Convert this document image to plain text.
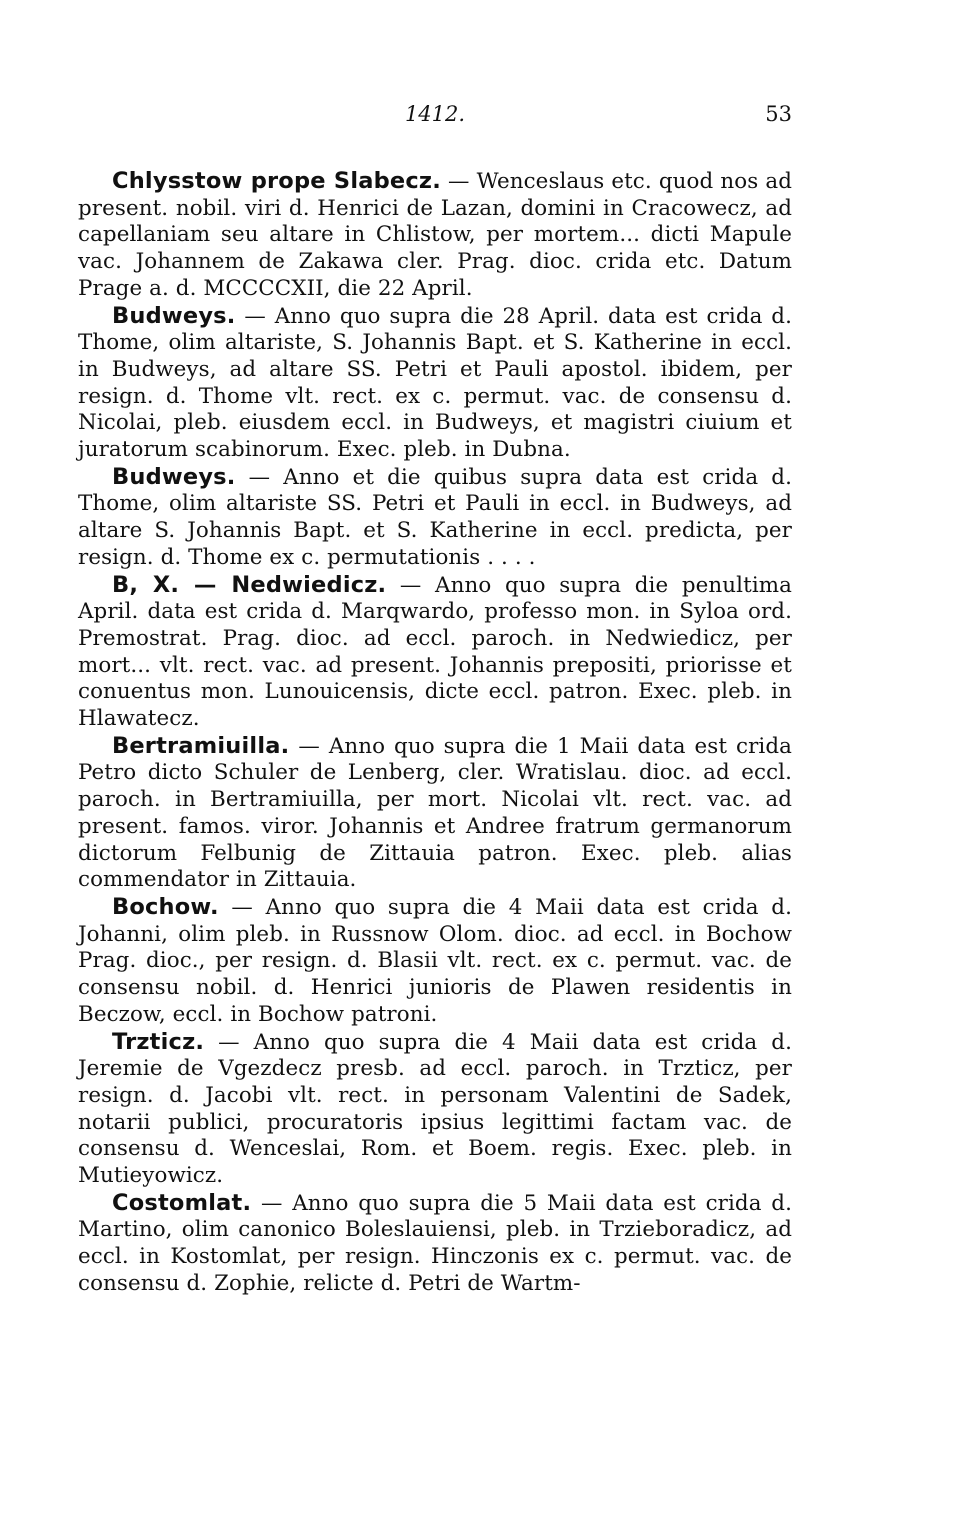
1412.	53

Chlysstow prope Slabecz. — Wenceslaus etc. quod nos ad present. nobil. viri d. Henrici de Lazan, domini in Cracowecz, ad capellaniam seu altare in Chlistow, per mortem... dicti Mapule vac. Johannem de Zakawa cler. Prag. dioc. crida etc. Datum Prage a. d. MCCCCXII, die 22 April.

Budweys. — Anno quo supra die 28 April. data est crida d. Thome, olim altariste, S. Johannis Bapt. et S. Katherine in eccl. in Budweys, ad altare SS. Petri et Pauli apostol. ibidem, per resign. d. Thome vlt. rect. ex c. permut. vac. de consensu d. Nicolai, pleb. eiusdem eccl. in Budweys, et magistri ciuium et juratorum scabinorum. Exec. pleb. in Dubna.

Budweys. — Anno et die quibus supra data est crida d. Thome, olim altariste SS. Petri et Pauli in eccl. in Budweys, ad altare S. Johannis Bapt. et S. Katherine in eccl. predicta, per resign. d. Thome ex c. permutationis . . . .

B, X. — Nedwiedicz. — Anno quo supra die penultima April. data est crida d. Marqwardo, professo mon. in Syloa ord. Premostrat. Prag. dioc. ad eccl. paroch. in Nedwiedicz, per mort... vlt. rect. vac. ad present. Johannis prepositi, priorisse et conuentus mon. Lunouicensis, dicte eccl. patron. Exec. pleb. in Hlawatecz.

Bertramiuilla. — Anno quo supra die 1 Maii data est crida Petro dicto Schuler de Lenberg, cler. Wratislau. dioc. ad eccl. paroch. in Bertramiuilla, per mort. Nicolai vlt. rect. vac. ad present. famos. viror. Johannis et Andree fratrum germanorum dictorum Felbunig de Zittauia patron. Exec. pleb. alias commendator in Zittauia.

Bochow. — Anno quo supra die 4 Maii data est crida d. Johanni, olim pleb. in Russnow Olom. dioc. ad eccl. in Bochow Prag. dioc., per resign. d. Blasii vlt. rect. ex c. permut. vac. de consensu nobil. d. Henrici junioris de Plawen residentis in Beczow, eccl. in Bochow patroni.

Trzticz. — Anno quo supra die 4 Maii data est crida d. Jeremie de Vgezdecz presb. ad eccl. paroch. in Trzticz, per resign. d. Jacobi vlt. rect. in personam Valentini de Sadek, notarii publici, procuratoris ipsius legittimi factam vac. de consensu d. Wenceslai, Rom. et Boem. regis. Exec. pleb. in Mutieyowicz.

Costomlat. — Anno quo supra die 5 Maii data est crida d. Martino, olim canonico Boleslauiensi, pleb. in Trzieboradicz, ad eccl. in Kostomlat, per resign. Hinczonis ex c. permut. vac. de consensu d. Zophie, relicte d. Petri de Wartm-
